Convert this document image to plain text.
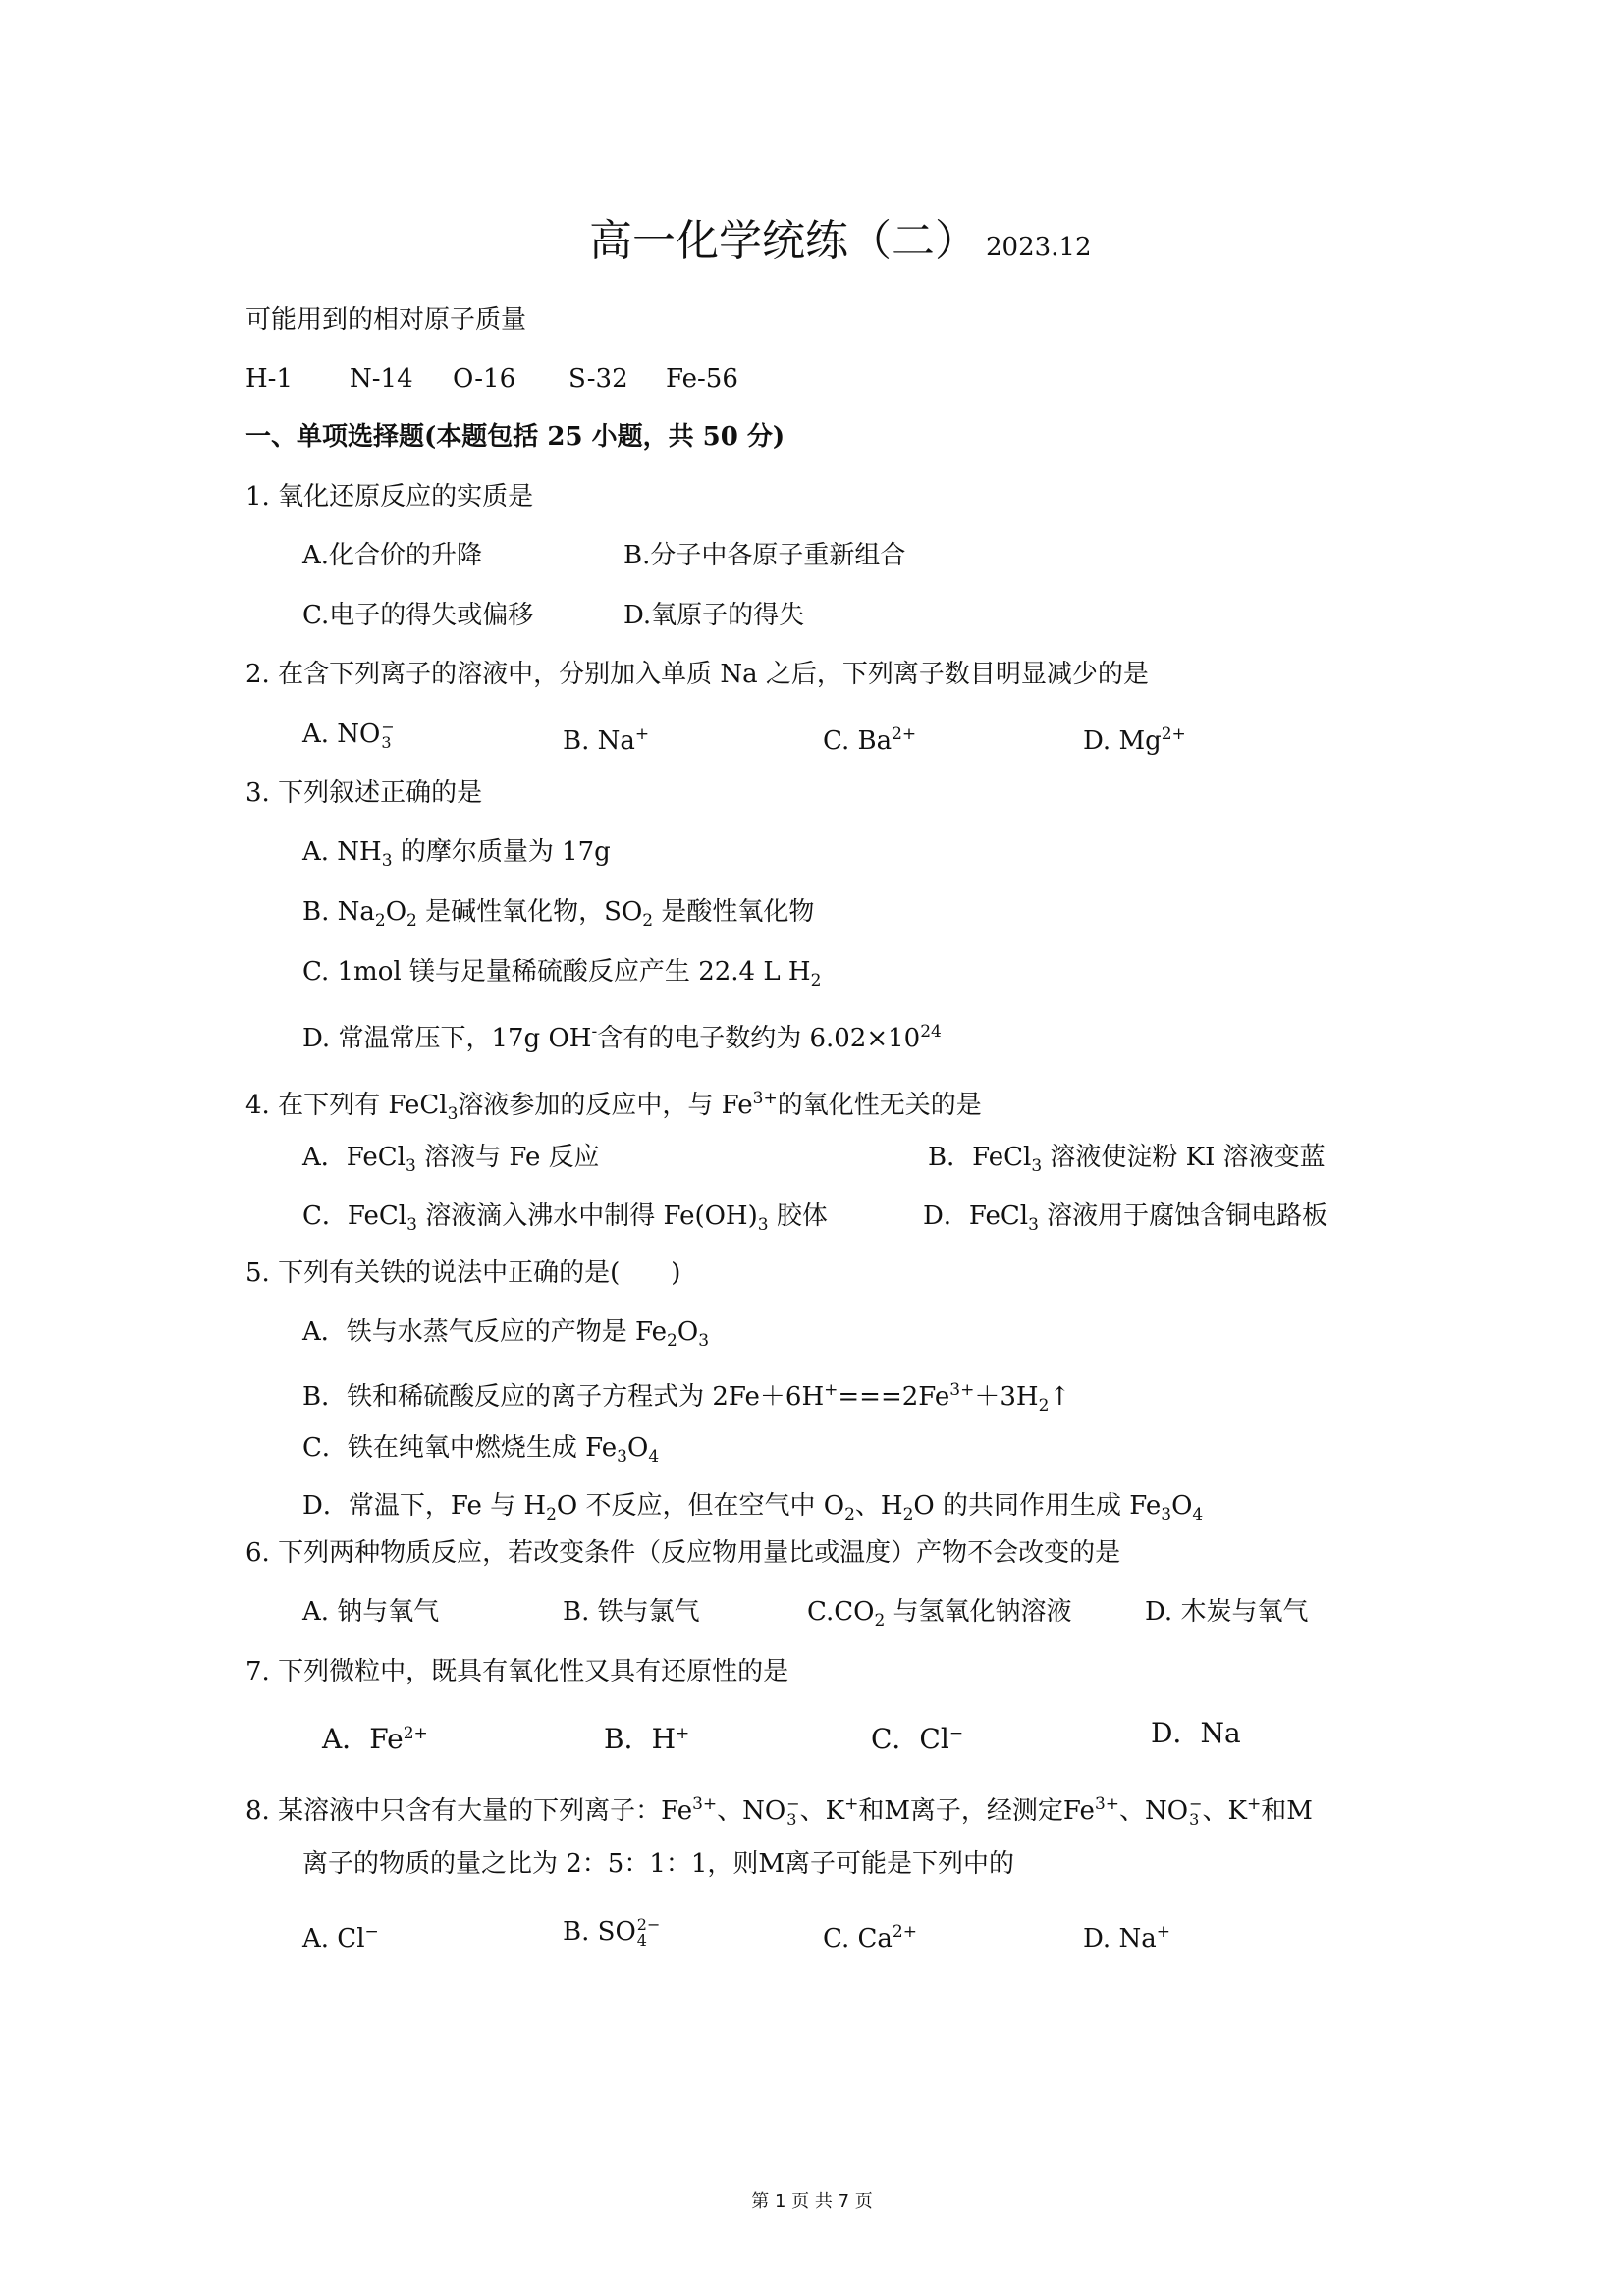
高一化学统练（二） 2023.12
可能用到的相对原子质量
H-1 N-14 O-16 S-32 Fe-56
一、单项选择题(本题包括 25 小题，共 50 分)
1. 氧化还原反应的实质是
A.化合价的升降	B.分子中各原子重新组合
C.电子的得失或偏移	D.氧原子的得失
2. 在含下列离子的溶液中，分别加入单质 Na 之后，下列离子数目明显减少的是
A. NO −
3	B. Na+	C. $Ba^{2+}$	D. $Mg^{2+}$
3. 下列叙述正确的是
A. $NH_3$ 的摩尔质量为 17g
B. $Na_2O_2$ 是碱性氧化物，$SO_2$ 是酸性氧化物
C. 1mol 镁与足量稀硫酸反应产生 22.4 L $H_2$
D. 常温常压下，17g OH-含有的电子数约为 $6.02\times 10^{24}$
4. 在下列有 FeCl$_3$溶液参加的反应中，与 $Fe^{3+}$的氧化性无关的是
A．FeCl$_3$ 溶液与 Fe 反应	B．FeCl$_3$ 溶液使淀粉 KI 溶液变蓝
C．FeCl$_3$ 溶液滴入沸水中制得 $Fe(OH)_3$ 胶体	D．FeCl$_3$ 溶液用于腐蚀含铜电路板
5. 下列有关铁的说法中正确的是(　　)
A．铁与水蒸气反应的产物是 $Fe_2O_3$
B．铁和稀硫酸反应的离子方程式为 $2Fe+6H^+===2Fe^{3+}+3H_2↑$
C．铁在纯氧中燃烧生成 $Fe_3O_4$
D．常温下，Fe 与 $H_2O$ 不反应，但在空气中 $O_2$、$H_2O$ 的共同作用生成 $Fe_3O_4$
6. 下列两种物质反应，若改变条件（反应物用量比或温度）产物不会改变的是
A. 钠与氧气	B. 铁与氯气	$C.CO_2$ 与氢氧化钠溶液	D. 木炭与氧气
7. 下列微粒中，既具有氧化性又具有还原性的是
A．$Fe^{2+}$	B．H+	C．Cl−	D．Na
8. 某溶液中只含有大量的下列离子：$Fe^{3+}$、NO −
3 、K+和M离子，经测定$Fe^{3+}$、NO −
3 、K+和M
离子的物质的量之比为 2：5：1：1，则M离子可能是下列中的
A. Cl−	B. SO 2−
4	C. $Ca^{2+}$	D. Na+
第 1 页 共 7 页
